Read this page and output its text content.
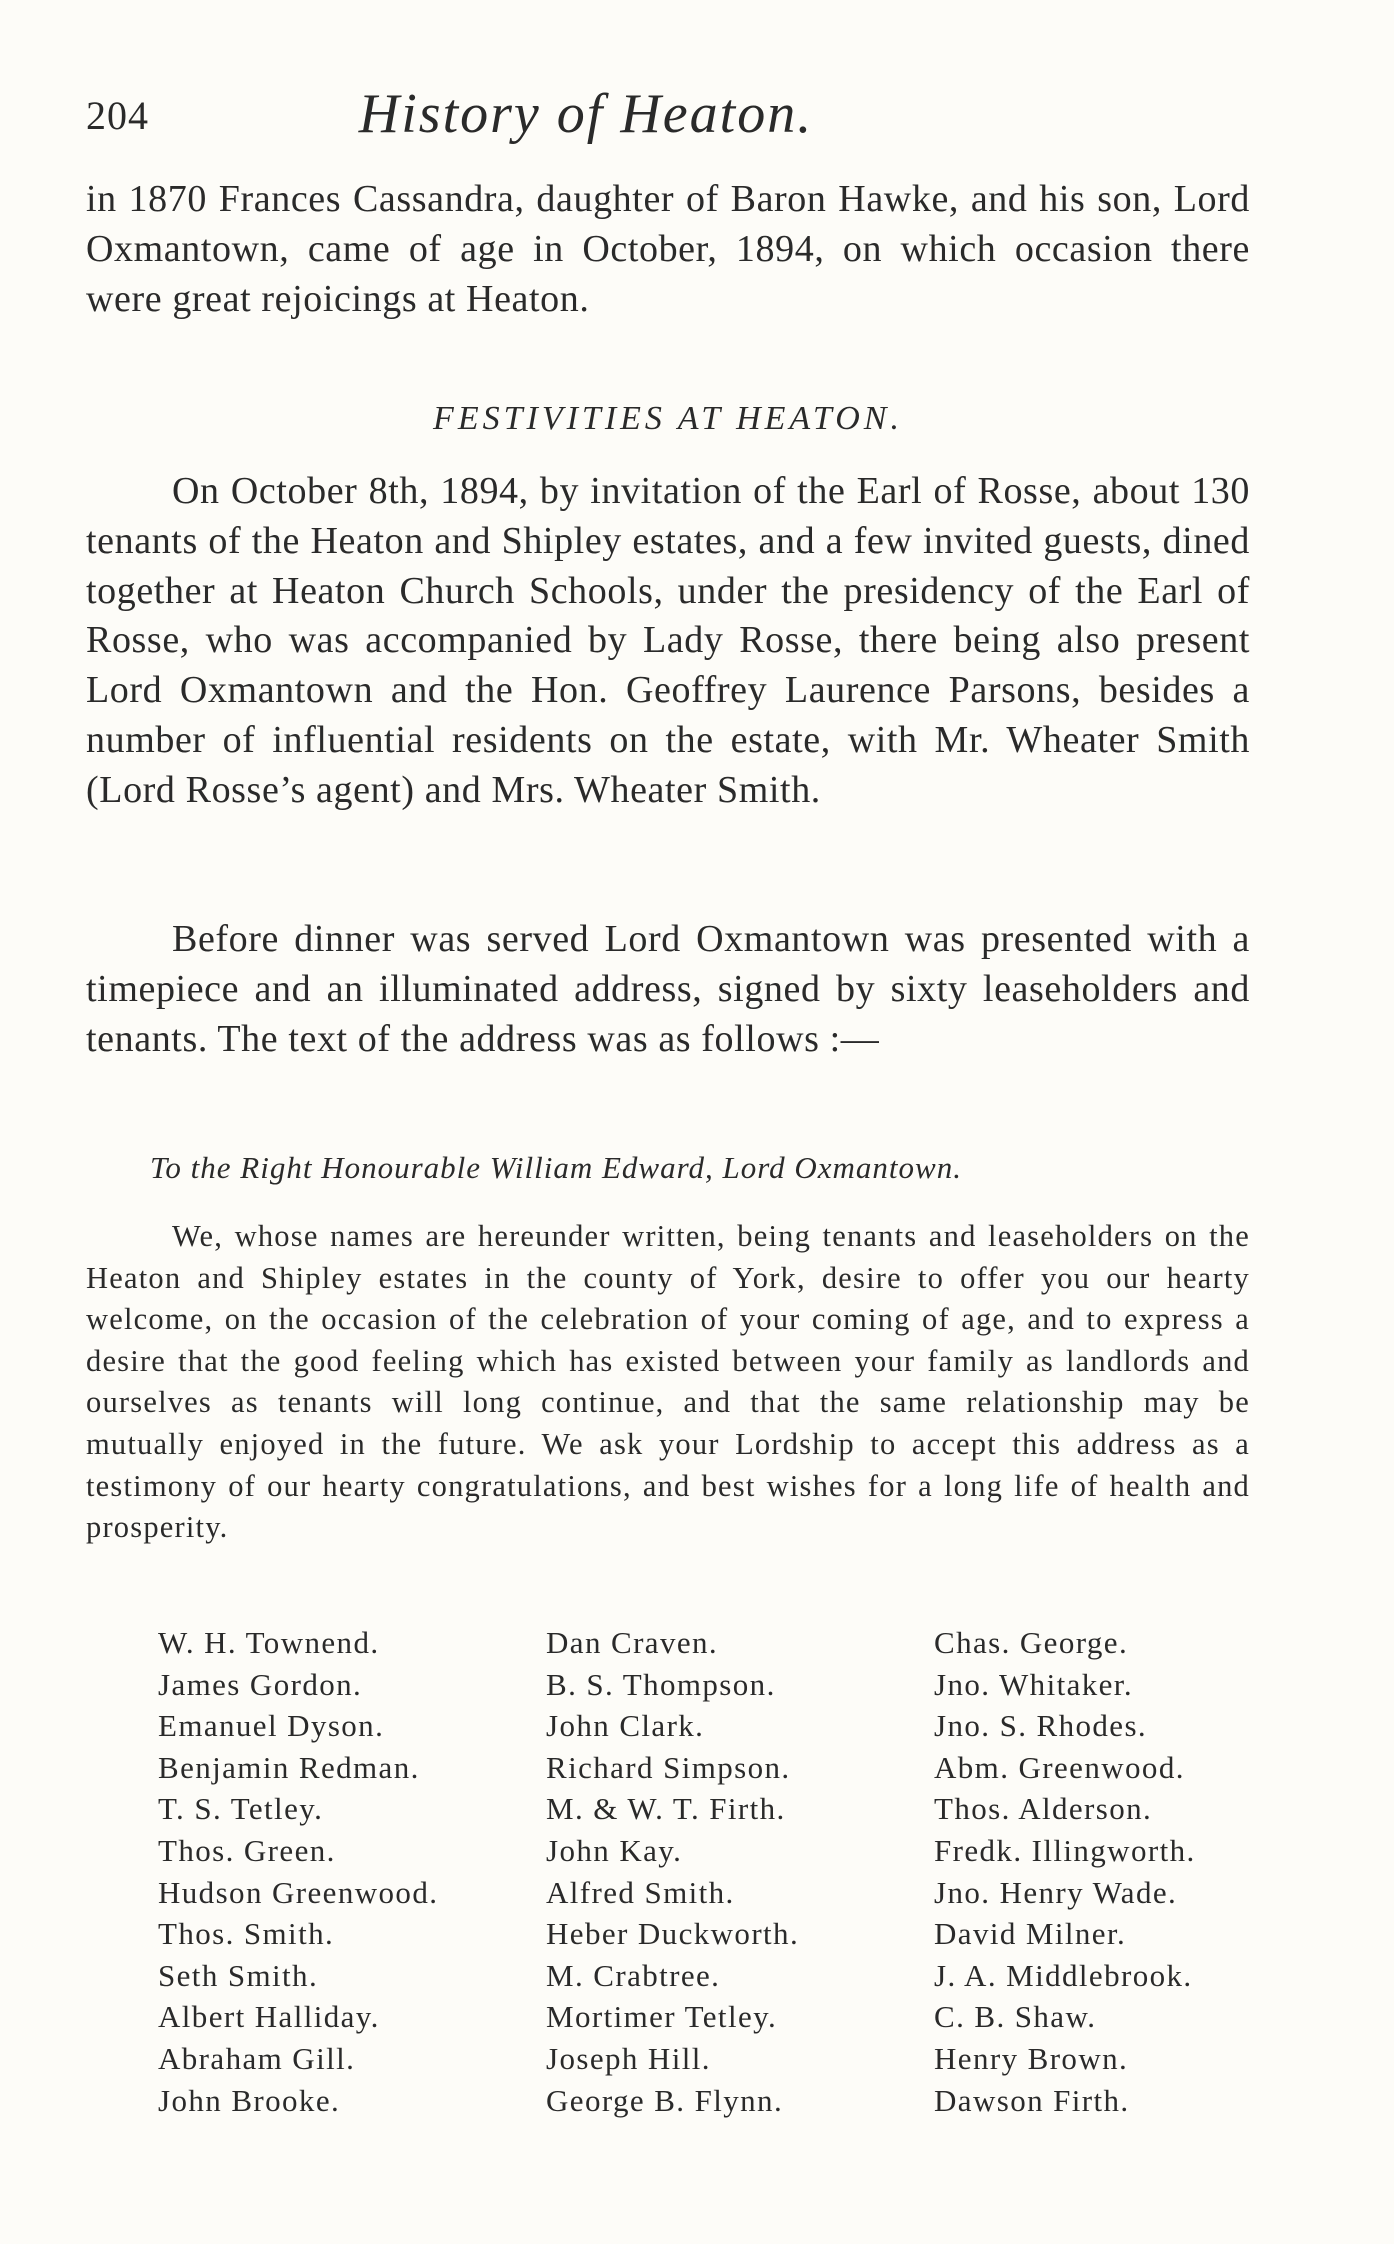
204	History of Heaton.

in 1870 Frances Cassandra, daughter of Baron Hawke, and his son, Lord Oxmantown, came of age in October, 1894, on which occasion there were great rejoicings at Heaton.

FESTIVITIES AT HEATON.

On October 8th, 1894, by invitation of the Earl of Rosse, about 130 tenants of the Heaton and Shipley estates, and a few invited guests, dined together at Heaton Church Schools, under the presidency of the Earl of Rosse, who was accompanied by Lady Rosse, there being also present Lord Oxmantown and the Hon. Geoffrey Laurence Parsons, besides a number of influential residents on the estate, with Mr. Wheater Smith (Lord Rosse’s agent) and Mrs. Wheater Smith.

Before dinner was served Lord Oxmantown was presented with a timepiece and an illuminated address, signed by sixty leaseholders and tenants. The text of the address was as follows :—

To the Right Honourable William Edward, Lord Oxmantown.

We, whose names are hereunder written, being tenants and leaseholders on the Heaton and Shipley estates in the county of York, desire to offer you our hearty welcome, on the occasion of the celebration of your coming of age, and to express a desire that the good feeling which has existed between your family as landlords and ourselves as tenants will long continue, and that the same relationship may be mutually enjoyed in the future. We ask your Lordship to accept this address as a testimony of our hearty congratulations, and best wishes for a long life of health and prosperity.

W. H. Townend.
James Gordon.
Emanuel Dyson.
Benjamin Redman.
T. S. Tetley.
Thos. Green.
Hudson Greenwood.
Thos. Smith.
Seth Smith.
Albert Halliday.
Abraham Gill.
John Brooke.
Dan Craven.
B. S. Thompson.
John Clark.
Richard Simpson.
M. & W. T. Firth.
John Kay.
Alfred Smith.
Heber Duckworth.
M. Crabtree.
Mortimer Tetley.
Joseph Hill.
George B. Flynn.
Chas. George.
Jno. Whitaker.
Jno. S. Rhodes.
Abm. Greenwood.
Thos. Alderson.
Fredk. Illingworth.
Jno. Henry Wade.
David Milner.
J. A. Middlebrook.
C. B. Shaw.
Henry Brown.
Dawson Firth.
